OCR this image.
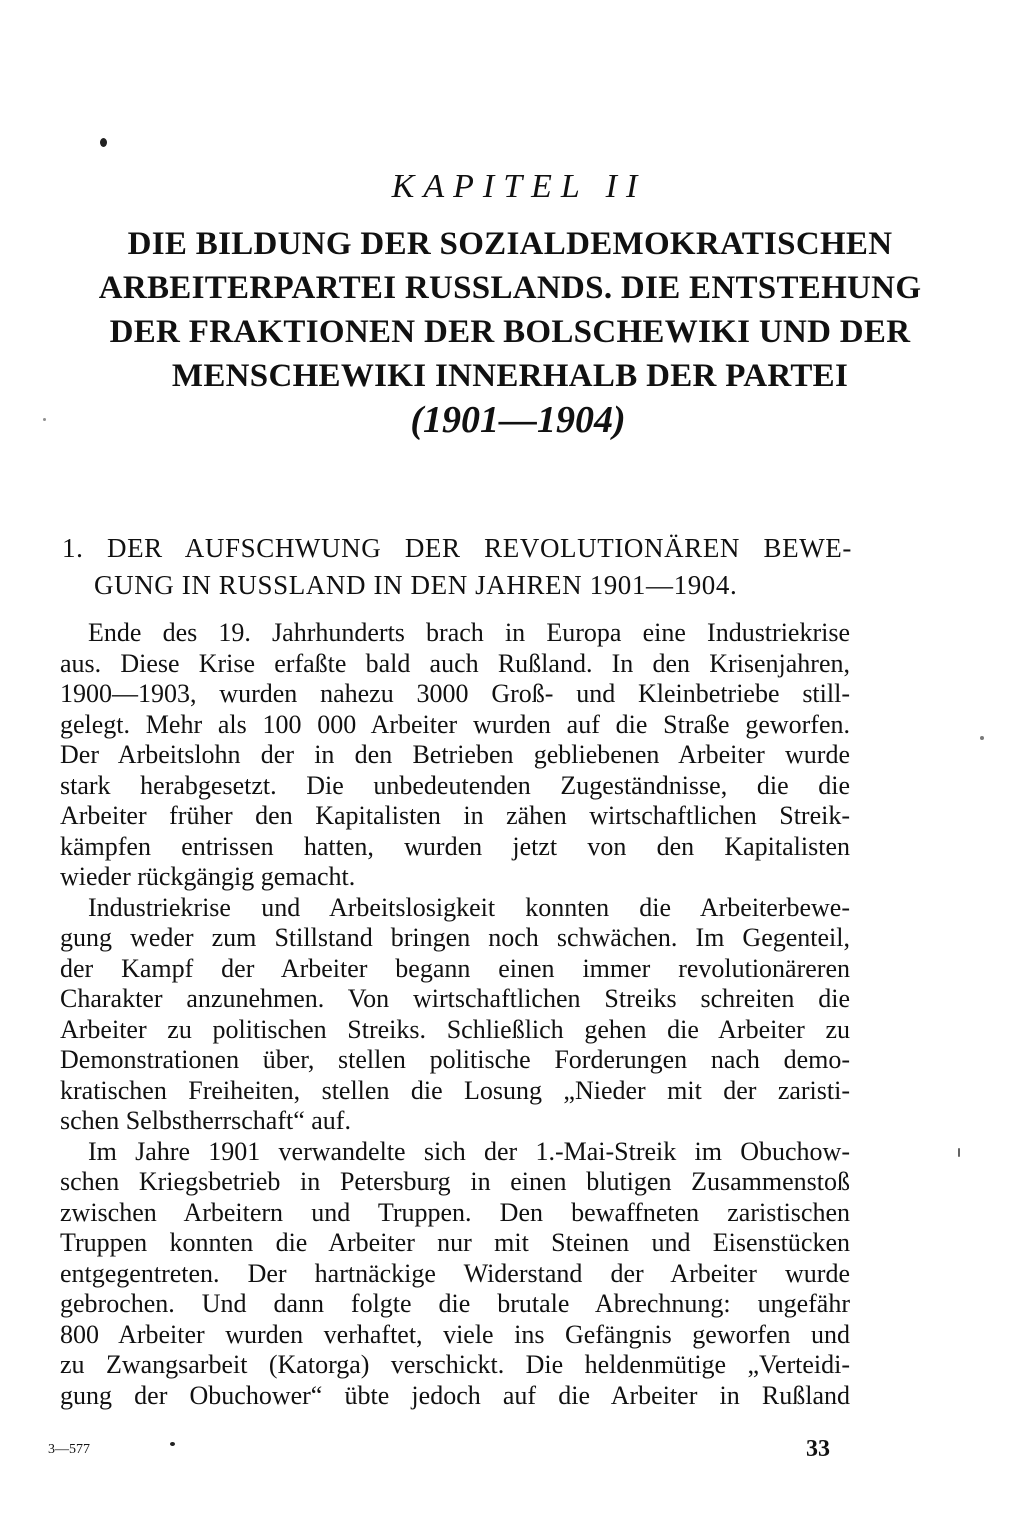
KAPITEL II
DIE BILDUNG DER SOZIALDEMOKRATISCHEN
ARBEITERPARTEI RUSSLANDS. DIE ENTSTEHUNG
DER FRAKTIONEN DER BOLSCHEWIKI UND DER
MENSCHEWIKI INNERHALB DER PARTEI
(1901—1904)
1. DER AUFSCHWUNG DER REVOLUTIONÄREN BEWE-
GUNG IN RUSSLAND IN DEN JAHREN 1901—1904.

Ende des 19. Jahrhunderts brach in Europa eine Industriekrise
aus. Diese Krise erfaßte bald auch Rußland. In den Krisenjahren,
1900—1903, wurden nahezu 3000 Groß- und Kleinbetriebe still-
gelegt. Mehr als 100 000 Arbeiter wurden auf die Straße geworfen.
Der Arbeitslohn der in den Betrieben gebliebenen Arbeiter wurde
stark herabgesetzt. Die unbedeutenden Zugeständnisse, die die
Arbeiter früher den Kapitalisten in zähen wirtschaftlichen Streik-
kämpfen entrissen hatten, wurden jetzt von den Kapitalisten
wieder rückgängig gemacht.

Industriekrise und Arbeitslosigkeit konnten die Arbeiterbewe-
gung weder zum Stillstand bringen noch schwächen. Im Gegenteil,
der Kampf der Arbeiter begann einen immer revolutionäreren
Charakter anzunehmen. Von wirtschaftlichen Streiks schreiten die
Arbeiter zu politischen Streiks. Schließlich gehen die Arbeiter zu
Demonstrationen über, stellen politische Forderungen nach demo-
kratischen Freiheiten, stellen die Losung „Nieder mit der zaristi-
schen Selbstherrschaft“ auf.

Im Jahre 1901 verwandelte sich der 1.-Mai-Streik im Obuchow-
schen Kriegsbetrieb in Petersburg in einen blutigen Zusammenstoß
zwischen Arbeitern und Truppen. Den bewaffneten zaristischen
Truppen konnten die Arbeiter nur mit Steinen und Eisenstücken
entgegentreten. Der hartnäckige Widerstand der Arbeiter wurde
gebrochen. Und dann folgte die brutale Abrechnung: ungefähr
800 Arbeiter wurden verhaftet, viele ins Gefängnis geworfen und
zu Zwangsarbeit (Katorga) verschickt. Die heldenmütige „Verteidi-
gung der Obuchower“ übte jedoch auf die Arbeiter in Rußland

3—577	33
